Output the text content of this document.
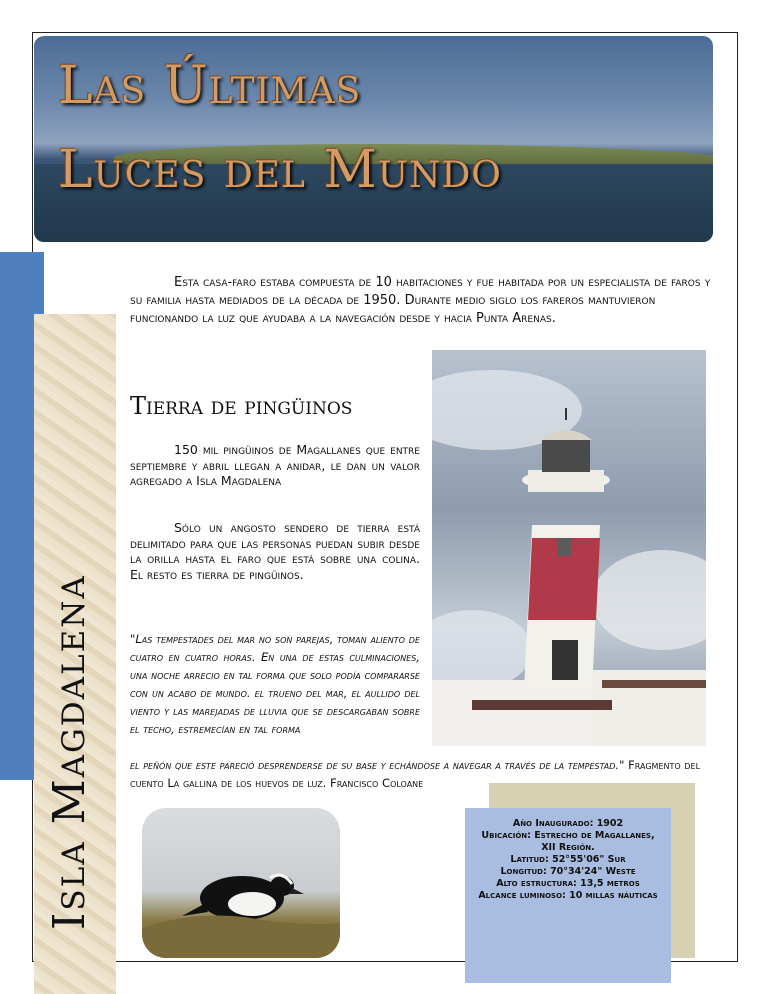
Las Últimas
Luces del Mundo
Isla Magdalena

Esta casa-faro estaba compuesta de 10 habitaciones y fue habitada por un especialista de faros y su familia hasta mediados de la década de 1950. Durante medio siglo los fareros mantuvieron funcionando la luz que ayudaba a la navegación desde y hacia Punta Arenas.

Tierra de pingüinos

150 mil pingüinos de Magallanes que entre septiembre y abril llegan a anidar, le dan un valor agregado a Isla Magdalena

Sólo un angosto sendero de tierra está delimitado para que las personas puedan subir desde la orilla hasta el faro que está sobre una colina. El resto es tierra de pingüinos.

"Las tempestades del mar no son parejas, toman aliento de cuatro en cuatro horas. En una de estas culminaciones, una noche arrecio en tal forma que solo podía compararse con un acabo de mundo. el trueno del mar, el aullido del viento y las marejadas de lluvia que se descargaban sobre el techo, estremecían en tal forma

el peñón que este pareció desprenderse de su base y echándose a navegar a través de la tempestad." Fragmento del cuento La gallina de los huevos de luz. Francisco Coloane

Año Inaugurado: 1902
Ubicación: Estrecho de Magallanes, XII Región.
Latitud: 52°55'06" Sur
Longitud: 70°34'24" Weste
Alto estructura: 13,5 metros
Alcance luminoso: 10 millas náuticas
